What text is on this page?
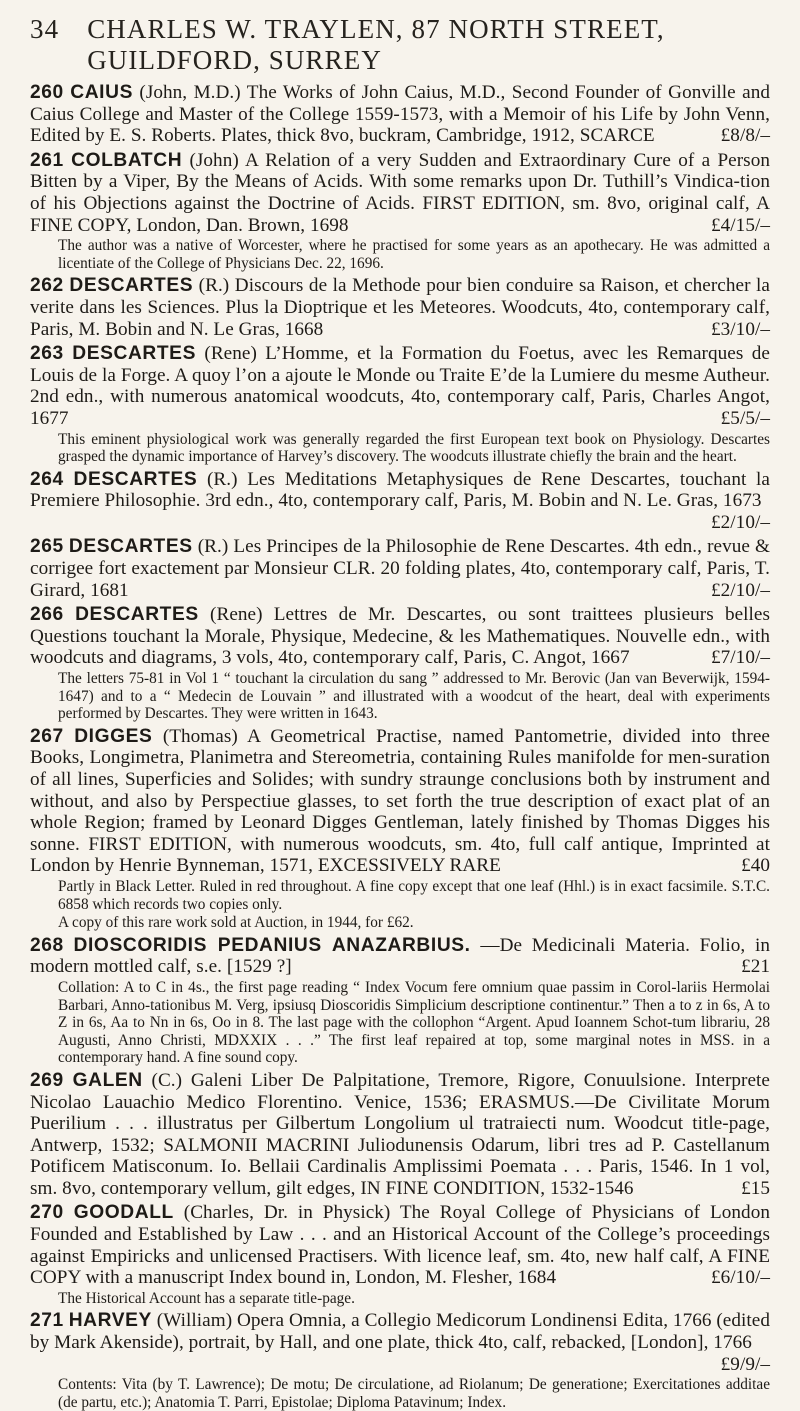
34 CHARLES W. TRAYLEN, 87 NORTH STREET, GUILDFORD, SURREY
260 CAIUS (John, M.D.) The Works of John Caius, M.D., Second Founder of Gonville and Caius College and Master of the College 1559-1573, with a Memoir of his Life by John Venn, Edited by E. S. Roberts. Plates, thick 8vo, buckram, Cambridge, 1912, SCARCE	£8/8/–
261 COLBATCH (John) A Relation of a very Sudden and Extraordinary Cure of a Person Bitten by a Viper, By the Means of Acids. With some remarks upon Dr. Tuthill’s Vindica-tion of his Objections against the Doctrine of Acids. FIRST EDITION, sm. 8vo, original calf, A FINE COPY, London, Dan. Brown, 1698	£4/15/–
The author was a native of Worcester, where he practised for some years as an apothecary. He was admitted a licentiate of the College of Physicians Dec. 22, 1696.
262 DESCARTES (R.) Discours de la Methode pour bien conduire sa Raison, et chercher la verite dans les Sciences. Plus la Dioptrique et les Meteores. Woodcuts, 4to, contemporary calf, Paris, M. Bobin and N. Le Gras, 1668	£3/10/–
263 DESCARTES (Rene) L’Homme, et la Formation du Foetus, avec les Remarques de Louis de la Forge. A quoy l’on a ajoute le Monde ou Traite E’de la Lumiere du mesme Autheur. 2nd edn., with numerous anatomical woodcuts, 4to, contemporary calf, Paris, Charles Angot, 1677	£5/5/–
This eminent physiological work was generally regarded the first European text book on Physiology. Descartes grasped the dynamic importance of Harvey’s discovery. The woodcuts illustrate chiefly the brain and the heart.
264 DESCARTES (R.) Les Meditations Metaphysiques de Rene Descartes, touchant la Premiere Philosophie. 3rd edn., 4to, contemporary calf, Paris, M. Bobin and N. Le. Gras, 1673
£2/10/–
265 DESCARTES (R.) Les Principes de la Philosophie de Rene Descartes. 4th edn., revue & corrigee fort exactement par Monsieur CLR. 20 folding plates, 4to, contemporary calf, Paris, T. Girard, 1681	£2/10/–
266 DESCARTES (Rene) Lettres de Mr. Descartes, ou sont traittees plusieurs belles Questions touchant la Morale, Physique, Medecine, & les Mathematiques. Nouvelle edn., with woodcuts and diagrams, 3 vols, 4to, contemporary calf, Paris, C. Angot, 1667	£7/10/–
The letters 75-81 in Vol 1 “ touchant la circulation du sang ” addressed to Mr. Berovic (Jan van Beverwijk, 1594-1647) and to a “ Medecin de Louvain ” and illustrated with a woodcut of the heart, deal with experiments performed by Descartes. They were written in 1643.
267 DIGGES (Thomas) A Geometrical Practise, named Pantometrie, divided into three Books, Longimetra, Planimetra and Stereometria, containing Rules manifolde for men-suration of all lines, Superficies and Solides; with sundry straunge conclusions both by instrument and without, and also by Perspectiue glasses, to set forth the true description of exact plat of an whole Region; framed by Leonard Digges Gentleman, lately finished by Thomas Digges his sonne. FIRST EDITION, with numerous woodcuts, sm. 4to, full calf antique, Imprinted at London by Henrie Bynneman, 1571, EXCESSIVELY RARE	£40
Partly in Black Letter. Ruled in red throughout. A fine copy except that one leaf (Hhl.) is in exact facsimile. S.T.C. 6858 which records two copies only.
A copy of this rare work sold at Auction, in 1944, for £62.
268 DIOSCORIDIS PEDANIUS ANAZARBIUS. —De Medicinali Materia. Folio, in modern mottled calf, s.e. [1529 ?]	£21
Collation: A to C in 4s., the first page reading “ Index Vocum fere omnium quae passim in Corol-lariis Hermolai Barbari, Anno-tationibus M. Verg, ipsiusq Dioscoridis Simplicium descriptione continentur.” Then a to z in 6s, A to Z in 6s, Aa to Nn in 6s, Oo in 8. The last page with the collophon “Argent. Apud Ioannem Schot-tum librariu, 28 Augusti, Anno Christi, MDXXIX . . .” The first leaf repaired at top, some marginal notes in MSS. in a contemporary hand. A fine sound copy.
269 GALEN (C.) Galeni Liber De Palpitatione, Tremore, Rigore, Conuulsione. Interprete Nicolao Lauachio Medico Florentino. Venice, 1536; ERASMUS.—De Civilitate Morum Puerilium . . . illustratus per Gilbertum Longolium ul tratraiecti num. Woodcut title-page, Antwerp, 1532; SALMONII MACRINI Juliodunensis Odarum, libri tres ad P. Castellanum Potificem Matisconum. Io. Bellaii Cardinalis Amplissimi Poemata . . . Paris, 1546. In 1 vol, sm. 8vo, contemporary vellum, gilt edges, IN FINE CONDITION, 1532-1546	£15
270 GOODALL (Charles, Dr. in Physick) The Royal College of Physicians of London Founded and Established by Law . . . and an Historical Account of the College’s proceedings against Empiricks and unlicensed Practisers. With licence leaf, sm. 4to, new half calf, A FINE COPY with a manuscript Index bound in, London, M. Flesher, 1684	£6/10/–
The Historical Account has a separate title-page.
271 HARVEY (William) Opera Omnia, a Collegio Medicorum Londinensi Edita, 1766 (edited by Mark Akenside), portrait, by Hall, and one plate, thick 4to, calf, rebacked, [London], 1766
£9/9/–
Contents: Vita (by T. Lawrence); De motu; De circulatione, ad Riolanum; De generatione; Exercitationes additae (de partu, etc.); Anatomia T. Parri, Epistolae; Diploma Patavinum; Index.
